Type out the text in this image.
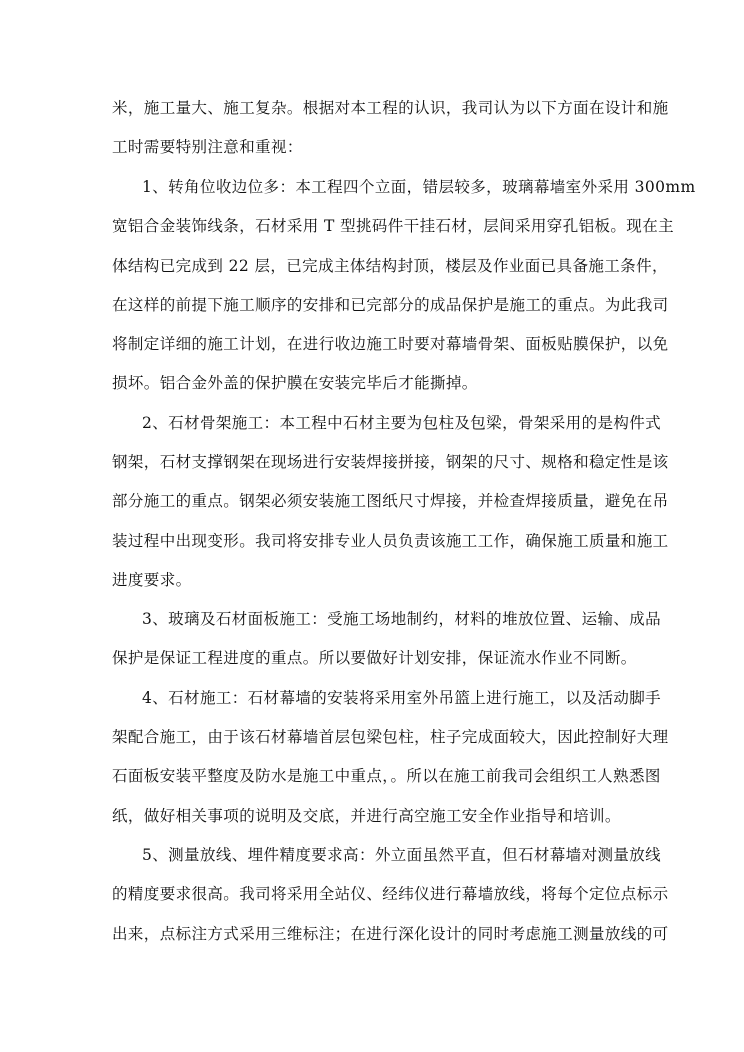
米，施工量大、施工复杂。根据对本工程的认识，我司认为以下方面在设计和施
工时需要特别注意和重视：
1、转角位收边位多：本工程四个立面，错层较多，玻璃幕墙室外采用 300mm
宽铝合金装饰线条，石材采用 T 型挑码件干挂石材，层间采用穿孔铝板。现在主
体结构已完成到 22 层，已完成主体结构封顶，楼层及作业面已具备施工条件，
在这样的前提下施工顺序的安排和已完部分的成品保护是施工的重点。为此我司
将制定详细的施工计划，在进行收边施工时要对幕墙骨架、面板贴膜保护，以免
损坏。铝合金外盖的保护膜在安装完毕后才能撕掉。
2、石材骨架施工：本工程中石材主要为包柱及包梁，骨架采用的是构件式
钢架，石材支撑钢架在现场进行安装焊接拼接，钢架的尺寸、规格和稳定性是该
部分施工的重点。钢架必须安装施工图纸尺寸焊接，并检查焊接质量，避免在吊
装过程中出现变形。我司将安排专业人员负责该施工工作，确保施工质量和施工
进度要求。
3、玻璃及石材面板施工：受施工场地制约，材料的堆放位置、运输、成品
保护是保证工程进度的重点。所以要做好计划安排，保证流水作业不同断。
4、石材施工：石材幕墙的安装将采用室外吊篮上进行施工，以及活动脚手
架配合施工，由于该石材幕墙首层包梁包柱，柱子完成面较大，因此控制好大理
石面板安装平整度及防水是施工中重点，。所以在施工前我司会组织工人熟悉图
纸，做好相关事项的说明及交底，并进行高空施工安全作业指导和培训。
5、测量放线、埋件精度要求高：外立面虽然平直，但石材幕墙对测量放线
的精度要求很高。我司将采用全站仪、经纬仪进行幕墙放线，将每个定位点标示
出来，点标注方式采用三维标注；在进行深化设计的同时考虑施工测量放线的可
